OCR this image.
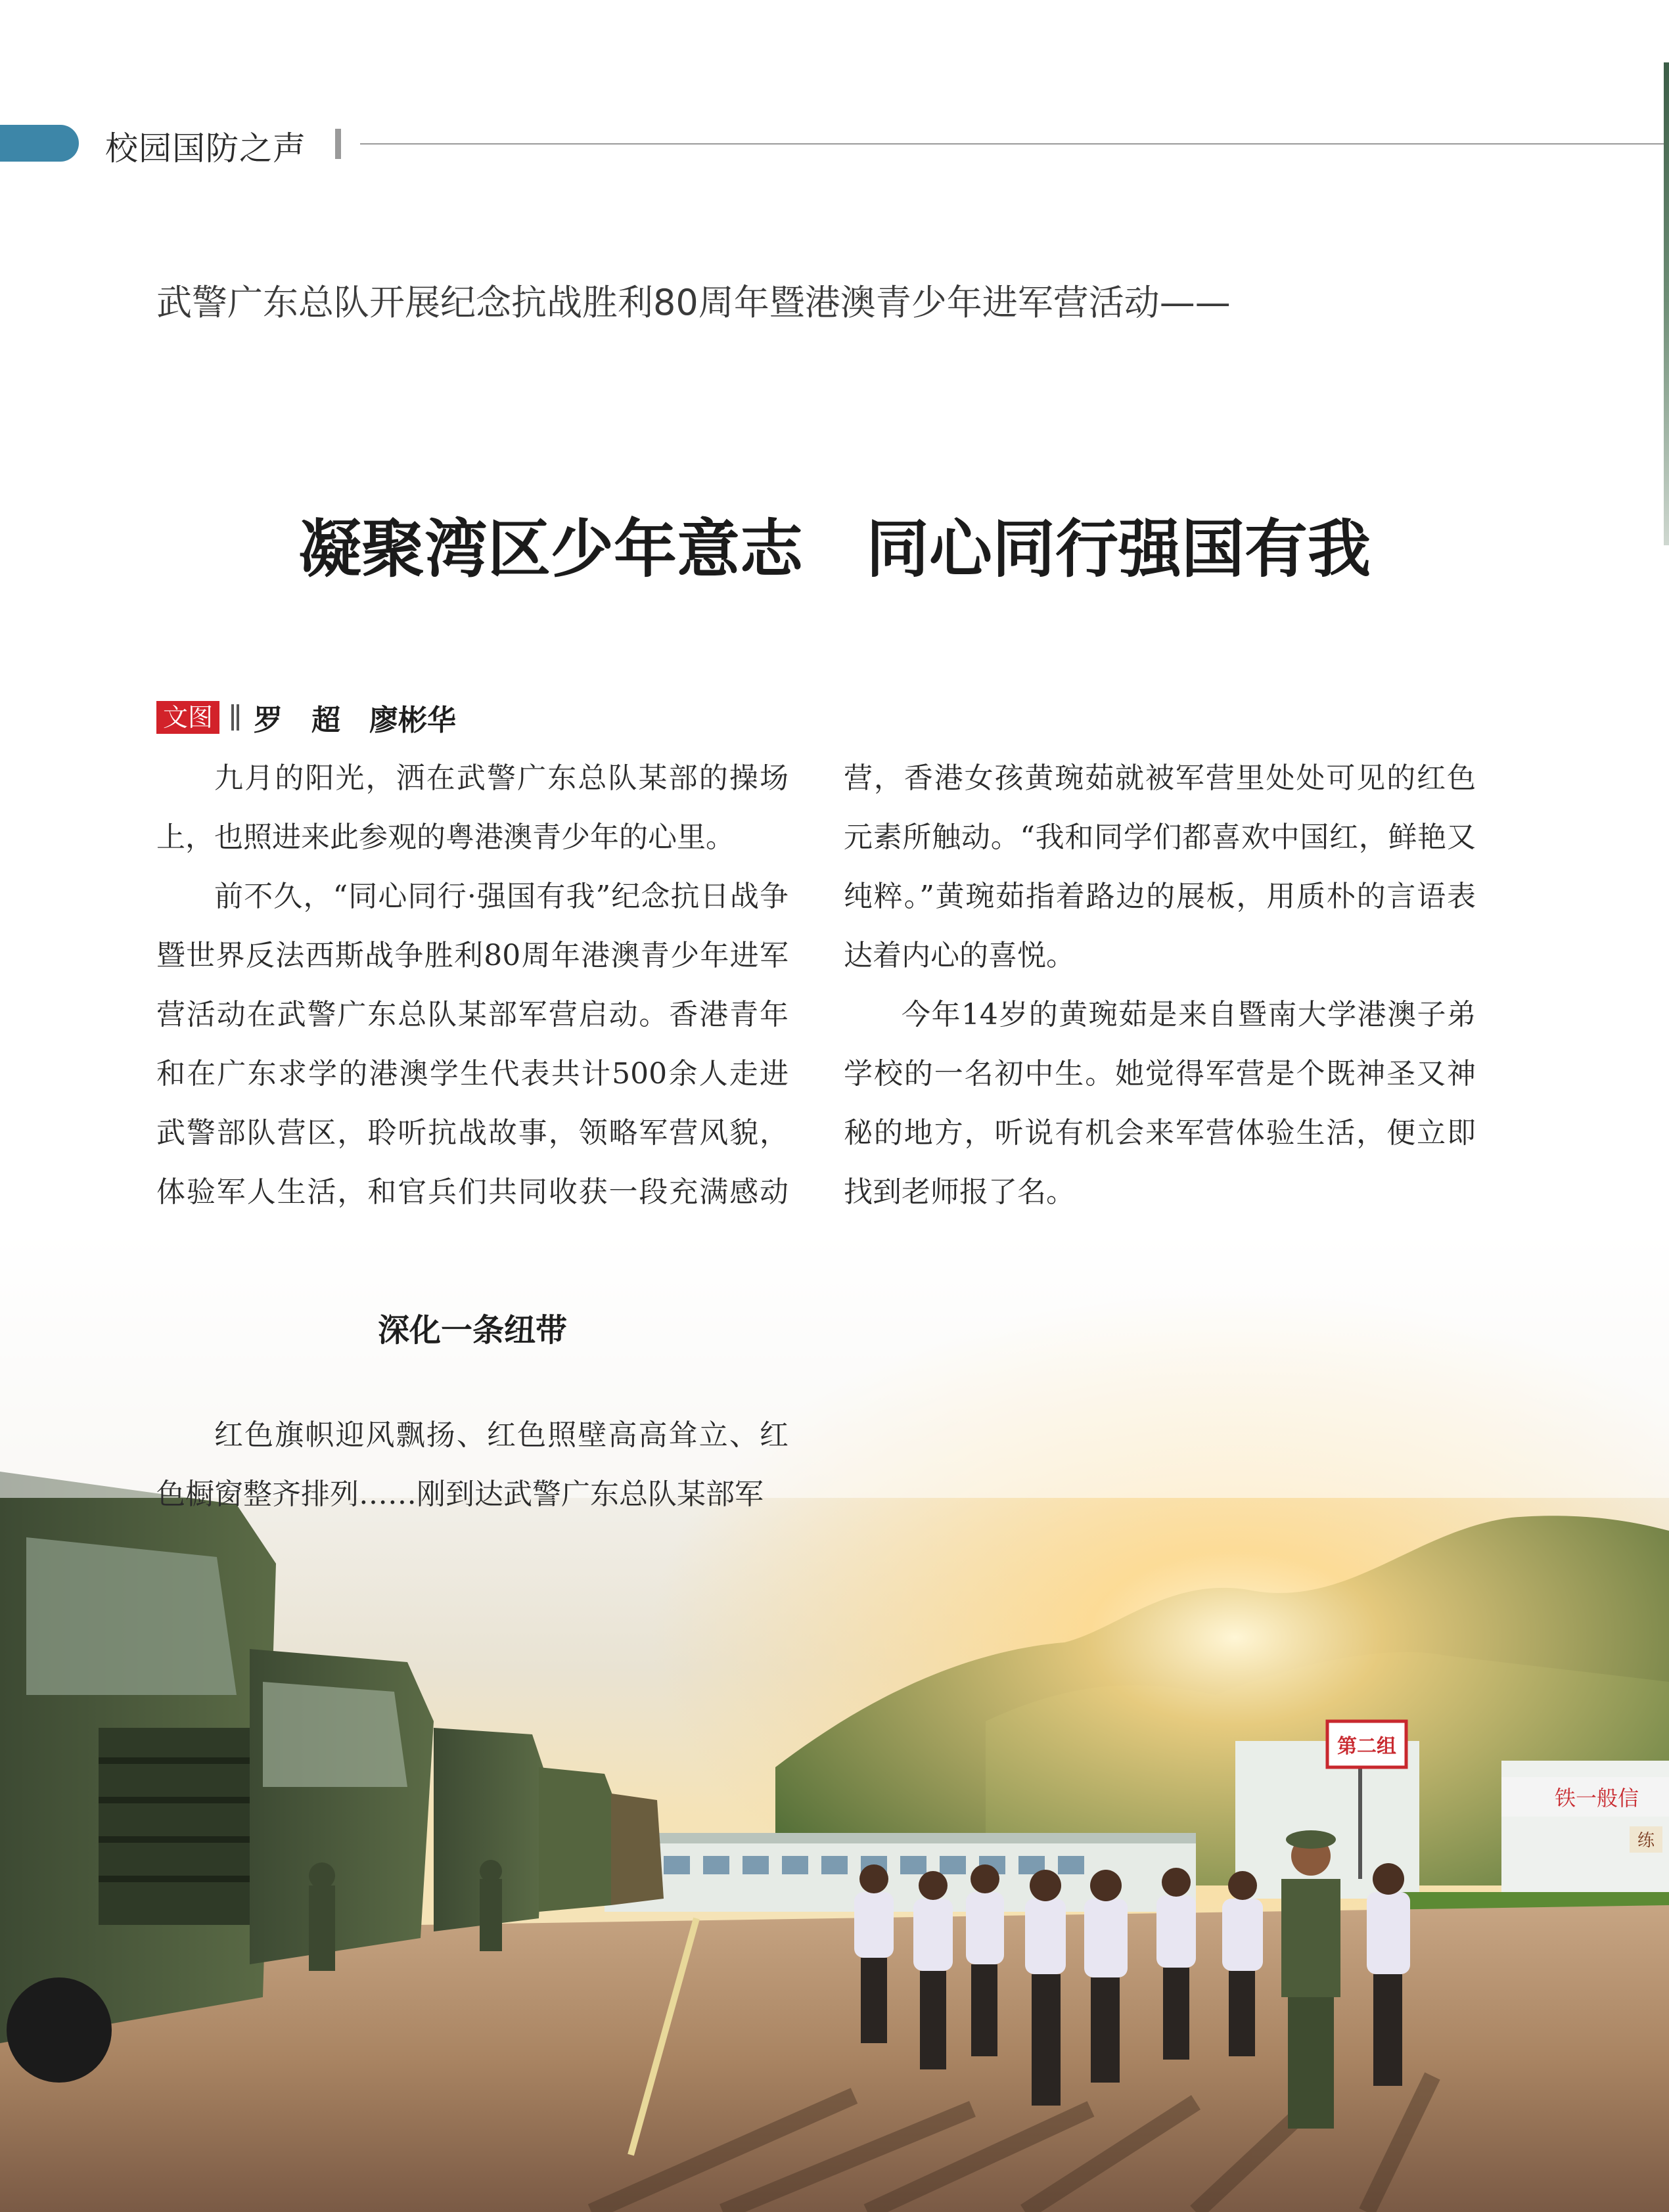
校园国防之声
武警广东总队开展纪念抗战胜利80周年暨港澳青少年进军营活动——
凝聚湾区少年意志　同心同行强国有我
文图 罗　超　廖彬华

九月的阳光，洒在武警广东总队某部的操场上，也照进来此参观的粤港澳青少年的心里。

前不久，“同心同行·强国有我”纪念抗日战争暨世界反法西斯战争胜利80周年港澳青少年进军营活动在武警广东总队某部军营启动。香港青年和在广东求学的港澳学生代表共计500余人走进武警部队营区，聆听抗战故事，领略军营风貌，体验军人生活，和官兵们共同收获一段充满感动

营，香港女孩黄琬茹就被军营里处处可见的红色元素所触动。“我和同学们都喜欢中国红，鲜艳又纯粹。”黄琬茹指着路边的展板，用质朴的言语表达着内心的喜悦。

今年14岁的黄琬茹是来自暨南大学港澳子弟学校的一名初中生。她觉得军营是个既神圣又神秘的地方，听说有机会来军营体验生活，便立即找到老师报了名。

铁一般信
第二组
练
深化一条纽带

红色旗帜迎风飘扬、红色照壁高高耸立、红色橱窗整齐排列……刚到达武警广东总队某部军
